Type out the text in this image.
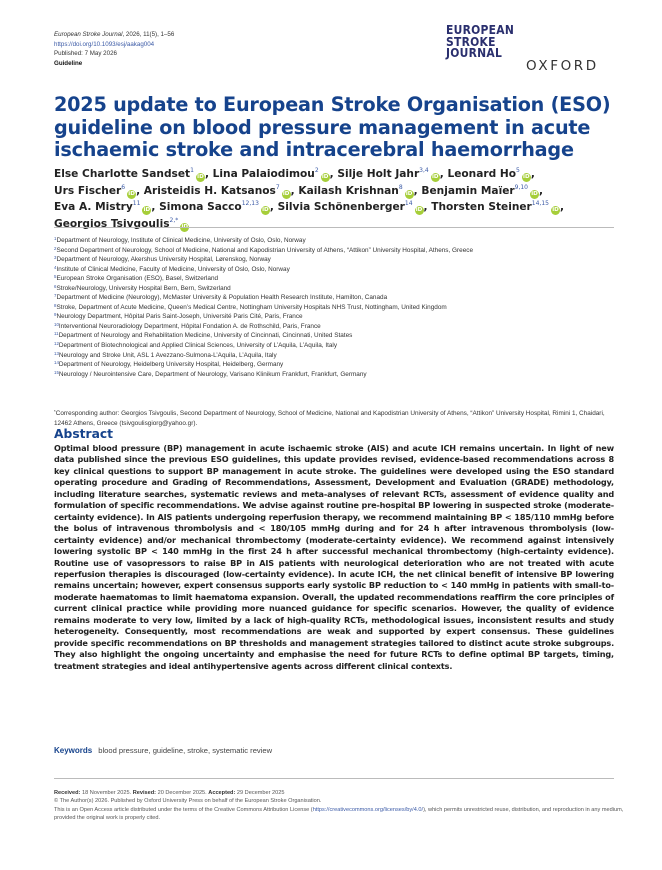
European Stroke Journal, 2026, 11(5), 1–56
https://doi.org/10.1093/esj/aakag004
Published: 7 May 2026
Guideline
EUROPEAN
STROKE
JOURNAL
OXFORD
2025 update to European Stroke Organisation (ESO) guideline on blood pressure management in acute ischaemic stroke and intracerebral haemorrhage
Else Charlotte Sandset$^1$iD, Lina Palaiodimou$^2$iD, Silje Holt Jahr$^{3,4}$iD, Leonard Ho$^5$iD, Urs Fischer$^6$iD, Aristeidis H. Katsanos$^7$iD, Kailash Krishnan$^8$iD, Benjamin Maïer$^{9,10}$iD, Eva A. Mistry$^{11}$iD, Simona Sacco$^{12,13}$iD, Silvia Schönenberger$^{14}$iD, Thorsten Steiner$^{14,15}$iD, Georgios Tsivgoulis$^{2,*}$iD
$^1$Department of Neurology, Institute of Clinical Medicine, University of Oslo, Oslo, Norway
$^2$Second Department of Neurology, School of Medicine, National and Kapodistrian University of Athens, “Attikon” University Hospital, Athens, Greece
$^3$Department of Neurology, Akershus University Hospital, Lørenskog, Norway
$^4$Institute of Clinical Medicine, Faculty of Medicine, University of Oslo, Oslo, Norway
$^5$European Stroke Organisation (ESO), Basel, Switzerland
$^6$Stroke/Neurology, University Hospital Bern, Bern, Switzerland
$^7$Department of Medicine (Neurology), McMaster University & Population Health Research Institute, Hamilton, Canada
$^8$Stroke, Department of Acute Medicine, Queen’s Medical Centre, Nottingham University Hospitals NHS Trust, Nottingham, United Kingdom
$^9$Neurology Department, Hôpital Paris Saint-Joseph, Université Paris Cité, Paris, France
$^{10}$Interventional Neuroradiology Department, Hôpital Fondation A. de Rothschild, Paris, France
$^{11}$Department of Neurology and Rehabilitation Medicine, University of Cincinnati, Cincinnati, United States
$^{12}$Department of Biotechnological and Applied Clinical Sciences, University of L’Aquila, L’Aquila, Italy
$^{13}$Neurology and Stroke Unit, ASL 1 Avezzano-Sulmona-L’Aquila, L’Aquila, Italy
$^{14}$Department of Neurology, Heidelberg University Hospital, Heidelberg, Germany
$^{15}$Neurology / Neurointensive Care, Department of Neurology, Varisano Klinikum Frankfurt, Frankfurt, Germany
*Corresponding author: Georgios Tsivgoulis, Second Department of Neurology, School of Medicine, National and Kapodistrian University of Athens, “Attikon” University Hospital, Rimini 1, Chaidari, 12462 Athens, Greece (tsivgoulisgiorg@yahoo.gr).
Abstract
Optimal blood pressure (BP) management in acute ischaemic stroke (AIS) and acute ICH remains uncertain. In light of new data published since the previous ESO guidelines, this update provides revised, evidence-based recommendations across 8 key clinical questions to support BP management in acute stroke. The guidelines were developed using the ESO standard operating procedure and Grading of Recommendations, Assessment, Development and Evaluation (GRADE) methodology, including literature searches, systematic reviews and meta-analyses of relevant RCTs, assessment of evidence quality and formulation of specific recommendations. We advise against routine pre-hospital BP lowering in suspected stroke (moderate-certainty evidence). In AIS patients undergoing reperfusion therapy, we recommend maintaining BP < 185/110 mmHg before the bolus of intravenous thrombolysis and < 180/105 mmHg during and for 24 h after intravenous thrombolysis (low-certainty evidence) and/or mechanical thrombectomy (moderate-certainty evidence). We recommend against intensively lowering systolic BP < 140 mmHg in the first 24 h after successful mechanical thrombectomy (high-certainty evidence). Routine use of vasopressors to raise BP in AIS patients with neurological deterioration who are not treated with acute reperfusion therapies is discouraged (low-certainty evidence). In acute ICH, the net clinical benefit of intensive BP lowering remains uncertain; however, expert consensus supports early systolic BP reduction to < 140 mmHg in patients with small-to-moderate haematomas to limit haematoma expansion. Overall, the updated recommendations reaffirm the core principles of current clinical practice while providing more nuanced guidance for specific scenarios. However, the quality of evidence remains moderate to very low, limited by a lack of high-quality RCTs, methodological issues, inconsistent results and study heterogeneity. Consequently, most recommendations are weak and supported by expert consensus. These guidelines provide specific recommendations on BP thresholds and management strategies tailored to distinct acute stroke subgroups. They also highlight the ongoing uncertainty and emphasise the need for future RCTs to define optimal BP targets, timing, treatment strategies and ideal antihypertensive agents across different clinical contexts.
Keywords blood pressure, guideline, stroke, systematic review
Received: 18 November 2025. Revised: 20 December 2025. Accepted: 29 December 2025
© The Author(s) 2026. Published by Oxford University Press on behalf of the European Stroke Organisation.
This is an Open Access article distributed under the terms of the Creative Commons Attribution License (https://creativecommons.org/licenses/by/4.0/), which permits unrestricted reuse, distribution, and reproduction in any medium, provided the original work is properly cited.
